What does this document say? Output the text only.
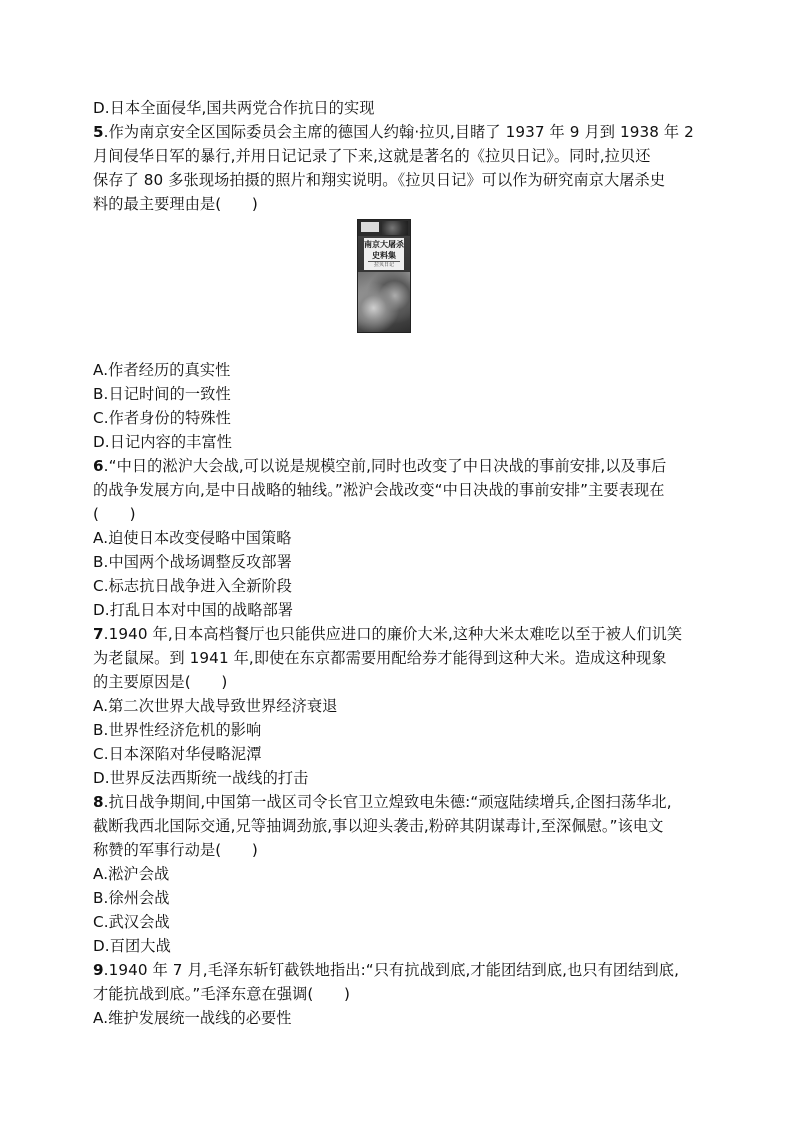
D.日本全面侵华,国共两党合作抗日的实现
5.作为南京安全区国际委员会主席的德国人约翰·拉贝,目睹了 1937 年 9 月到 1938 年 2
月间侵华日军的暴行,并用日记记录了下来,这就是著名的《拉贝日记》。同时,拉贝还
保存了 80 多张现场拍摄的照片和翔实说明。《拉贝日记》可以作为研究南京大屠杀史
料的最主要理由是(　　)
南京大屠杀
史料集
拉贝日记
A.作者经历的真实性
B.日记时间的一致性
C.作者身份的特殊性
D.日记内容的丰富性
6.“中日的淞沪大会战,可以说是规模空前,同时也改变了中日决战的事前安排,以及事后
的战争发展方向,是中日战略的轴线。”淞沪会战改变“中日决战的事前安排”主要表现在
(　　)
A.迫使日本改变侵略中国策略
B.中国两个战场调整反攻部署
C.标志抗日战争进入全新阶段
D.打乱日本对中国的战略部署
7.1940 年,日本高档餐厅也只能供应进口的廉价大米,这种大米太难吃以至于被人们讥笑
为老鼠屎。到 1941 年,即使在东京都需要用配给券才能得到这种大米。造成这种现象
的主要原因是(　　)
A.第二次世界大战导致世界经济衰退
B.世界性经济危机的影响
C.日本深陷对华侵略泥潭
D.世界反法西斯统一战线的打击
8.抗日战争期间,中国第一战区司令长官卫立煌致电朱德:“顽寇陆续增兵,企图扫荡华北,
截断我西北国际交通,兄等抽调劲旅,事以迎头袭击,粉碎其阴谋毒计,至深佩慰。”该电文
称赞的军事行动是(　　)
A.淞沪会战
B.徐州会战
C.武汉会战
D.百团大战
9.1940 年 7 月,毛泽东斩钉截铁地指出:“只有抗战到底,才能团结到底,也只有团结到底,
才能抗战到底。”毛泽东意在强调(　　)
A.维护发展统一战线的必要性
